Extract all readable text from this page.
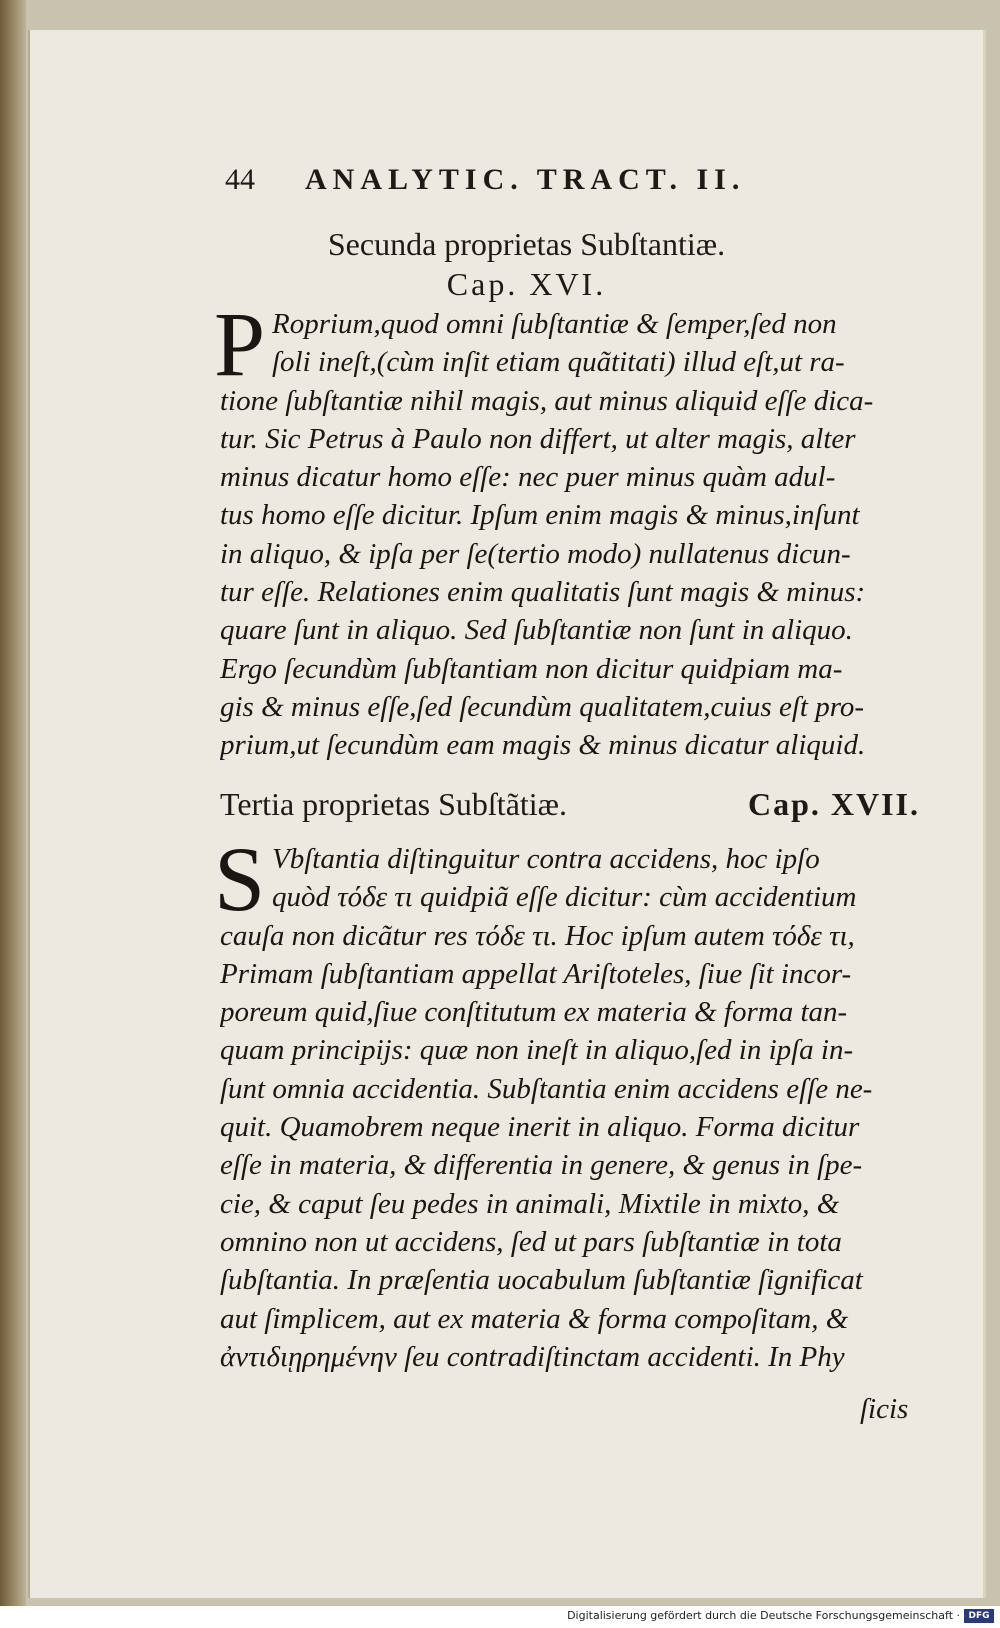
44 ANALYTIC. TRACT. II.
Secunda proprietas Subſtantiæ.
Cap. XVI.
P Roprium,quod omni ſubſtantiæ & ſemper,ſed non
ſoli ineſt,(cùm inſit etiam quãtitati) illud eſt,ut ra-
tione ſubſtantiæ nihil magis, aut minus aliquid eſſe dica-
tur. Sic Petrus à Paulo non differt, ut alter magis, alter
minus dicatur homo eſſe: nec puer minus quàm adul-
tus homo eſſe dicitur. Ipſum enim magis & minus,inſunt
in aliquo, & ipſa per ſe(tertio modo) nullatenus dicun-
tur eſſe. Relationes enim qualitatis ſunt magis & minus:
quare ſunt in aliquo. Sed ſubſtantiæ non ſunt in aliquo.
Ergo ſecundùm ſubſtantiam non dicitur quidpiam ma-
gis & minus eſſe,ſed ſecundùm qualitatem,cuius eſt pro-
prium,ut ſecundùm eam magis & minus dicatur aliquid.
Tertia proprietas Subſtãtiæ.	Cap. XVII.
S Vbſtantia diſtinguitur contra accidens, hoc ipſo
quòd τόδε τι quidpiã eſſe dicitur: cùm accidentium
cauſa non dicãtur res τόδε τι. Hoc ipſum autem τόδε τι,
Primam ſubſtantiam appellat Ariſtoteles, ſiue ſit incor-
poreum quid,ſiue conſtitutum ex materia & forma tan-
quam principijs: quæ non ineſt in aliquo,ſed in ipſa in-
ſunt omnia accidentia. Subſtantia enim accidens eſſe ne-
quit. Quamobrem neque inerit in aliquo. Forma dicitur
eſſe in materia, & differentia in genere, & genus in ſpe-
cie, & caput ſeu pedes in animali, Mixtile in mixto, &
omnino non ut accidens, ſed ut pars ſubſtantiæ in tota
ſubſtantia. In præſentia uocabulum ſubſtantiæ ſignificat
aut ſimplicem, aut ex materia & forma compoſitam, &
ἀντιδιῃρημένην ſeu contradiſtinctam accidenti. In Phy
ſicis
Digitalisierung gefördert durch die Deutsche Forschungsgemeinschaft · DFG
